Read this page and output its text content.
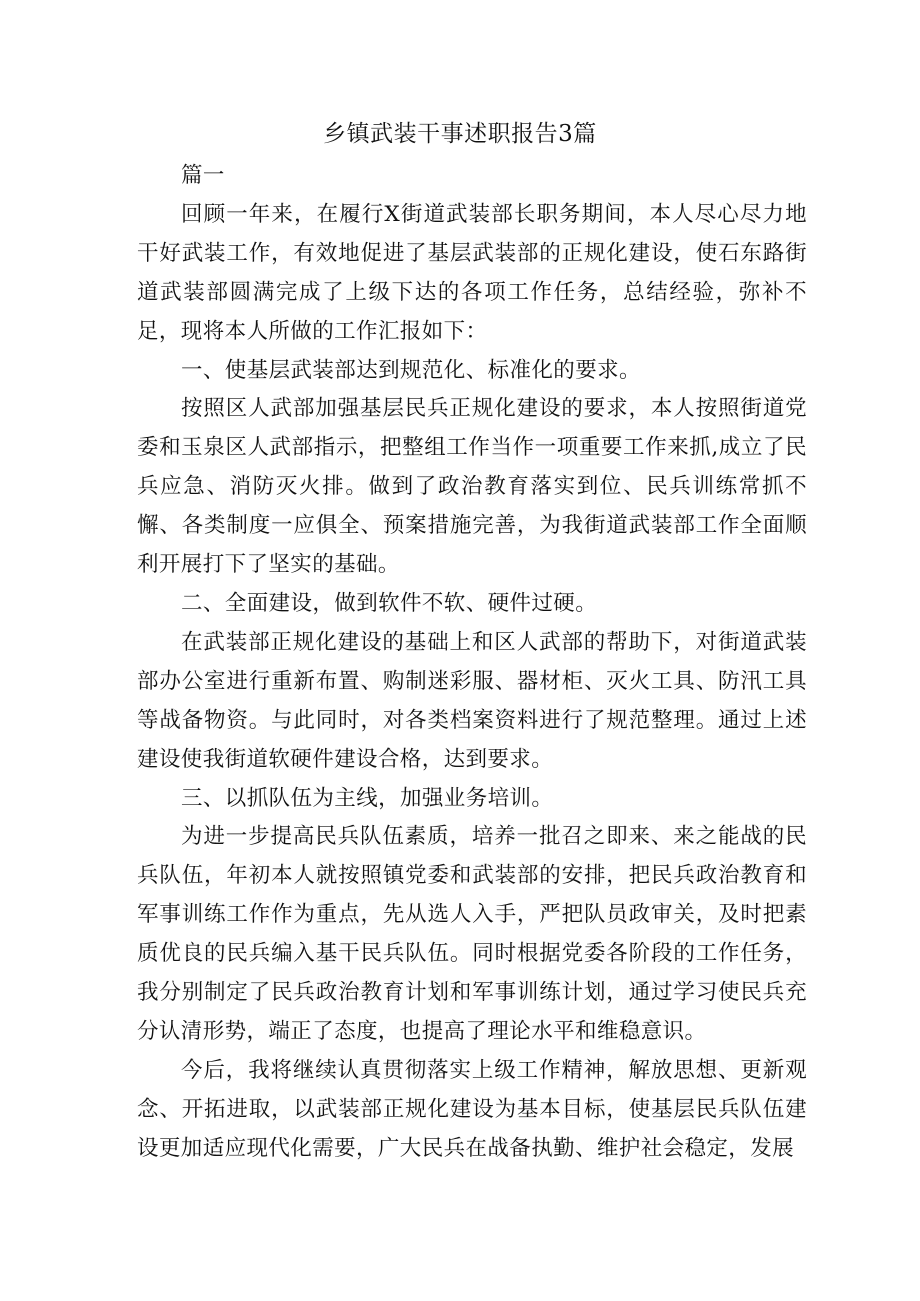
乡镇武装干事述职报告3篇

篇一

回顾一年来，在履行X街道武装部长职务期间，本人尽心尽力地干好武装工作，有效地促进了基层武装部的正规化建设，使石东路街道武装部圆满完成了上级下达的各项工作任务，总结经验，弥补不足，现将本人所做的工作汇报如下：

一、使基层武装部达到规范化、标准化的要求。

按照区人武部加强基层民兵正规化建设的要求，本人按照街道党委和玉泉区人武部指示，把整组工作当作一项重要工作来抓,成立了民兵应急、消防灭火排。做到了政治教育落实到位、民兵训练常抓不懈、各类制度一应俱全、预案措施完善，为我街道武装部工作全面顺利开展打下了坚实的基础。

二、全面建设，做到软件不软、硬件过硬。

在武装部正规化建设的基础上和区人武部的帮助下，对街道武装部办公室进行重新布置、购制迷彩服、器材柜、灭火工具、防汛工具等战备物资。与此同时，对各类档案资料进行了规范整理。通过上述建设使我街道软硬件建设合格，达到要求。

三、以抓队伍为主线，加强业务培训。

为进一步提高民兵队伍素质，培养一批召之即来、来之能战的民兵队伍，年初本人就按照镇党委和武装部的安排，把民兵政治教育和军事训练工作作为重点，先从选人入手，严把队员政审关，及时把素质优良的民兵编入基干民兵队伍。同时根据党委各阶段的工作任务，我分别制定了民兵政治教育计划和军事训练计划，通过学习使民兵充分认清形势，端正了态度，也提高了理论水平和维稳意识。

今后，我将继续认真贯彻落实上级工作精神，解放思想、更新观念、开拓进取，以武装部正规化建设为基本目标，使基层民兵队伍建设更加适应现代化需要，广大民兵在战备执勤、维护社会稳定，发展
